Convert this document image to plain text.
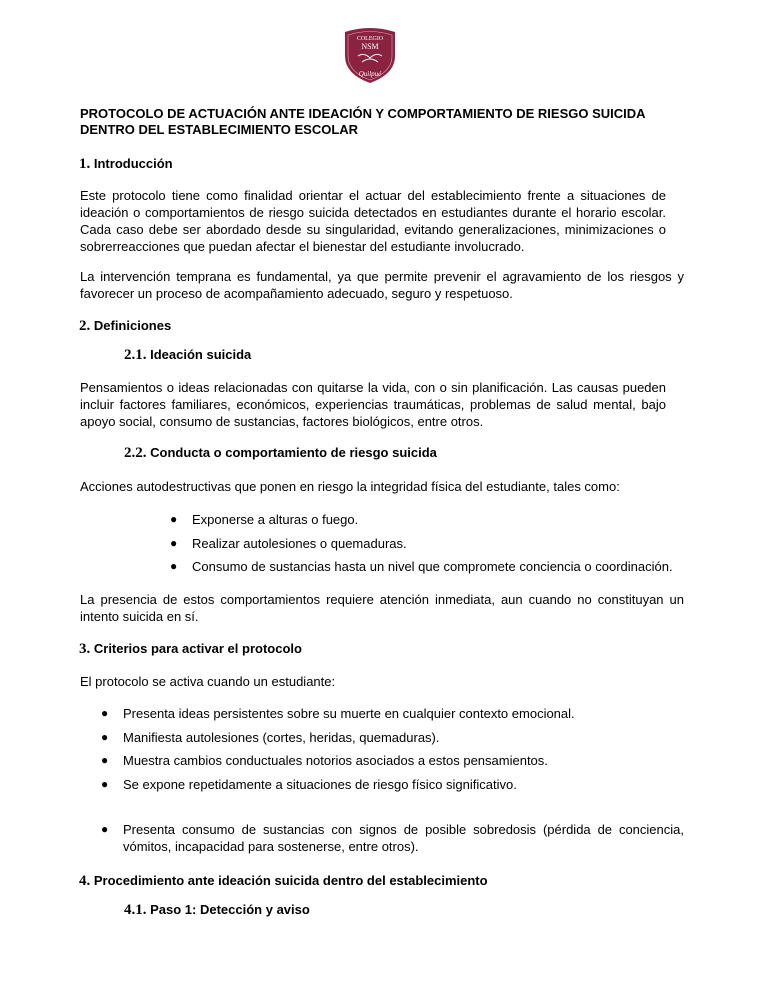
COLEGIO
NSM
Quilpué
PROTOCOLO DE ACTUACIÓN ANTE IDEACIÓN Y COMPORTAMIENTO DE RIESGO SUICIDA DENTRO DEL ESTABLECIMIENTO ESCOLAR
1. Introducción
Este protocolo tiene como finalidad orientar el actuar del establecimiento frente a situaciones de ideación o comportamientos de riesgo suicida detectados en estudiantes durante el horario escolar. Cada caso debe ser abordado desde su singularidad, evitando generalizaciones, minimizaciones o sobrerreacciones que puedan afectar el bienestar del estudiante involucrado.
La intervención temprana es fundamental, ya que permite prevenir el agravamiento de los riesgos y favorecer un proceso de acompañamiento adecuado, seguro y respetuoso.
2. Definiciones
2.1. Ideación suicida
Pensamientos o ideas relacionadas con quitarse la vida, con o sin planificación. Las causas pueden incluir factores familiares, económicos, experiencias traumáticas, problemas de salud mental, bajo apoyo social, consumo de sustancias, factores biológicos, entre otros.
2.2. Conducta o comportamiento de riesgo suicida
Acciones autodestructivas que ponen en riesgo la integridad física del estudiante, tales como:
● Exponerse a alturas o fuego.
● Realizar autolesiones o quemaduras.
● Consumo de sustancias hasta un nivel que compromete conciencia o coordinación.
La presencia de estos comportamientos requiere atención inmediata, aun cuando no constituyan un intento suicida en sí.
3. Criterios para activar el protocolo
El protocolo se activa cuando un estudiante:
● Presenta ideas persistentes sobre su muerte en cualquier contexto emocional.
● Manifiesta autolesiones (cortes, heridas, quemaduras).
● Muestra cambios conductuales notorios asociados a estos pensamientos.
● Se expone repetidamente a situaciones de riesgo físico significativo.
● Presenta consumo de sustancias con signos de posible sobredosis (pérdida de conciencia, vómitos, incapacidad para sostenerse, entre otros).
4. Procedimiento ante ideación suicida dentro del establecimiento
4.1. Paso 1: Detección y aviso
